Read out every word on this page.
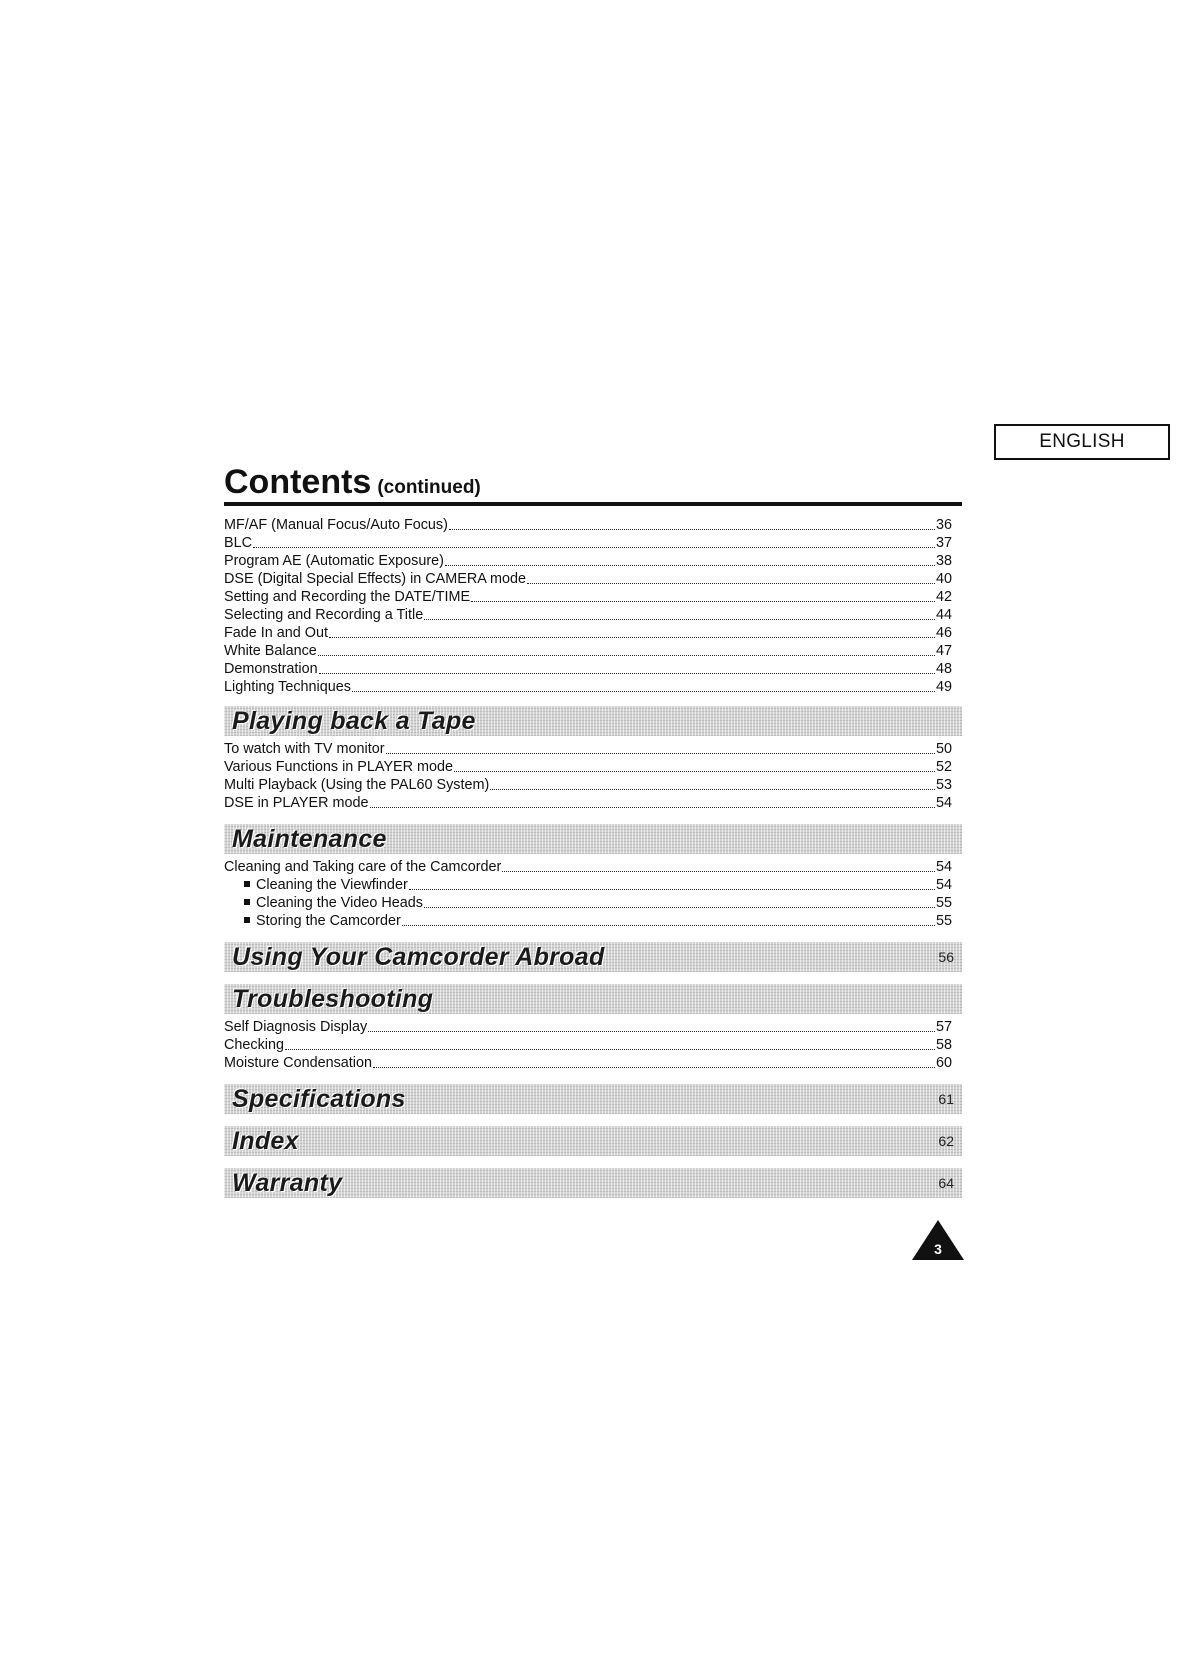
ENGLISH
Contents (continued)
MF/AF (Manual Focus/Auto Focus)	36
BLC	37
Program AE (Automatic Exposure)	38
DSE (Digital Special Effects) in CAMERA mode	40
Setting and Recording the DATE/TIME	42
Selecting and Recording a Title	44
Fade In and Out	46
White Balance	47
Demonstration	48
Lighting Techniques	49
Playing back a Tape
To watch with TV monitor	50
Various Functions in PLAYER mode	52
Multi Playback (Using the PAL60 System)	53
DSE in PLAYER mode	54
Maintenance
Cleaning and Taking care of the Camcorder	54
Cleaning the Viewfinder	54
Cleaning the Video Heads	55
Storing the Camcorder	55
Using Your Camcorder Abroad	56
Troubleshooting
Self Diagnosis Display	57
Checking	58
Moisture Condensation	60
Specifications	61
Index	62
Warranty	64
3
